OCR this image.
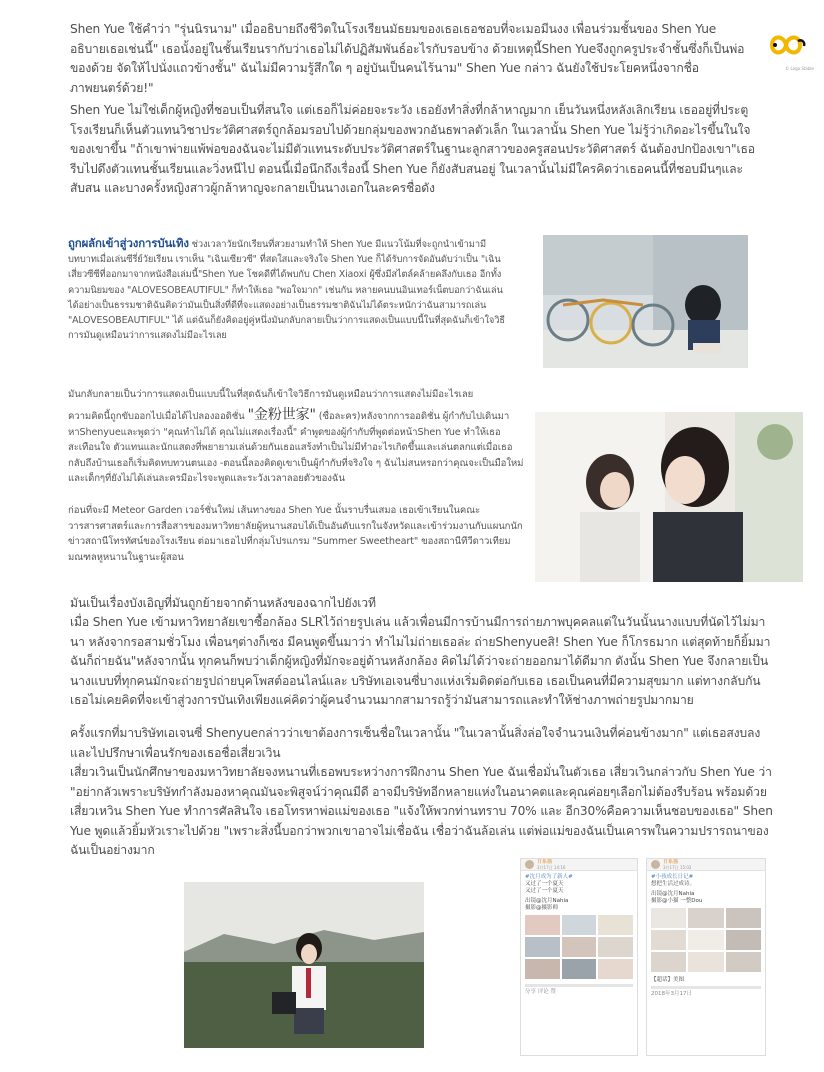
© Logo Stable

Shen Yue ใช้คำว่า "รุ่นนิรนาม" เมื่ออธิบายถึงชีวิตในโรงเรียนมัธยมของเธอเธอชอบที่จะเมอมีนงง เพื่อนร่วมชั้นของ Shen Yue อธิบายเธอเช่นนี้" เธอนั้งอยู่ในชั้นเรียนรากับว่าเธอไม่ได้ปฏิสัมพันธ์อะไรกับรอบข้าง ด้วยเหตุนี้Shen Yueจึงถูกครูประจำชั้นซึ่งก็เป็นพ่อของด้วย จัดให้ไปนั่งแถวข้างชั้น" ฉันไม่มีความรู้สึกใด ๆ อยู่บันเป็นคนไร้นาม" Shen Yue กล่าว ฉันยังใช้ประโยคหนึ่งจากชื่อภาพยนตร์ด้วย!"

Shen Yue ไม่ใช่เด็กผู้หญิงที่ชอบเป็นที่สนใจ แต่เธอก็ไม่ค่อยจะระวัง เธอยังทำสิ่งที่กล้าหาญมาก เย็นวันหนึ่งหลังเลิกเรียน เธออยู่ที่ประตูโรงเรียนก็เห็นตัวแทนวิชาประวัติศาสตร์ถูกล้อมรอบไปด้วยกลุ่มของพวกอันธพาลตัวเล็ก ในเวลานั้น Shen Yue ไม่รู้ว่าเกิดอะไรขึ้นในใจของเขาขึ้น "ถ้าเขาพ่ายแพ้พ่อของฉันจะไม่มีตัวแทนระดับประวัติศาสตร์ในฐานะลูกสาวของครูสอนประวัติศาสตร์ ฉันต้องปกป้องเขา"เธอรีบไปดึงตัวแทนชั้นเรียนและวิ่งหนีไป ตอนนี้เมื่อนึกถึงเรื่องนี้ Shen Yue ก็ยังสับสนอยู่ ในเวลานั้นไม่มีใครคิดว่าเธอคนนี้ที่ชอบมีนๆและสับสน และบางครั้งหญิงสาวผู้กล้าหาญจะกลายเป็นนางเอกในละครชื่อดัง

ถูกผลักเข้าสู่วงการบันเทิง ช่วงเวลาวัยนักเรียนที่สวยงามทำให้ Shen Yue มีแนวโน้มที่จะถูกนำเข้ามามีบทบาทเมื่อเล่นซีรี่ย์วัยเรียน เราเห็น "เฉินเซียวซี" ที่สดใสและจริงใจ Shen Yue ก็ได้รับการจัดอันดับว่าเป็น "เฉินเสี่ยวซีซีที่ออกมาจากหนังสือเล่มนี้"Shen Yue โชคดีที่ได้พบกับ Chen Xiaoxi ผู้ซึ่งมีสไตล์คล้ายคลึงกับเธอ อีกทั้งความนิยมของ "ALOVESOBEAUTIFUL" ก็ทำให้เธอ "พอใจมาก" เช่นกัน หลายคนบนอินเทอร์เน็ตบอกว่าฉันเล่นได้อย่างเป็นธรรมชาติฉันคิดว่ามันเป็นสิ่งที่ดีที่จะแสดงอย่างเป็นธรรมชาติฉันไม่ได้ตระหนักว่าฉันสามารถเล่น "ALOVESOBEAUTIFUL" ได้ แต่ฉันก็ยังคิดอยู่คู่หนึ่งมันกลับกลายเป็นว่าการแสดงเป็นแบบนี้ในที่สุดฉันก็เข้าใจวิธีการมันดูเหมือนว่าการแสดงไม่มีอะไรเลย

มันกลับกลายเป็นว่าการแสดงเป็นแบบนี้ในที่สุดฉันก็เข้าใจวิธีการมันดูเหมือนว่าการแสดงไม่มีอะไรเลย

ความคิดนี้ถูกขับออกไปเมื่อได้ไปลองออดิชั่น "金粉世家" (ซื่อละคร)หลังจากการออดิชั่น ผู้กำกับไปเดินมาหาShenyueและพูดว่า "คุณทำไม่ได้ คุณไม่แสดงเรื่องนี้" คำพูดของผู้กำกับที่พูดต่อหน้าShen Yue ทำให้เธอสะเทือนใจ ตัวแทนและนักแสดงที่พยายามเล่นด้วยกันเธอแสร้งทำเป็นไม่มีทำอะไรเกิดขึ้นและเล่นตลกแต่เมื่อเธอกลับถึงบ้านเธอก็เริ่มคิดทบทวนตนเอง -ตอนนี้ลองคิดดูเขาเป็นผู้กำกับที่จริงใจ ๆ ฉันไม่สนหรอกว่าคุณจะเป็นมือใหม่และเด็กๆที่ยังไม่ได้เล่นละครมีอะไรจะพูดและระวังเวลาลอยตัวของฉัน

ก่อนที่จะมี Meteor Garden เวอร์ชั่นใหม่ เส้นทางของ Shen Yue นั้นราบรื่นเสมอ เธอเข้าเรียนในคณะวารสารศาสตร์และการสื่อสารของมหาวิทยาลัยผู้หนานสอบได้เป็นอันดับแรกในจังหวัดและเข้าร่วมงานกับแผนกนักข่าวสถานีโทรทัศน์ของโรงเรียน ต่อมาเธอไปที่กลุ่มโปรแกรม "Summer Sweetheart" ของสถานีทีวีดาวเทียมมณฑลหูหนานในฐานะผู้สอน

มันเป็นเรื่องบังเอิญที่มันถูกย้ายจากด้านหลังของฉากไปยังเวที

เมื่อ Shen Yue เข้ามหาวิทยาลัยเขาซื้อกล้อง SLRไว้ถ่ายรูปเล่น แล้วเพื่อนมีการบ้านมีการถ่ายภาพบุคคลแต่ในวันนั้นนางแบบที่นัดไว้ไม่มานา หลังจากรอสามชั่วโมง เพื่อนๆต่างก็เซง มีคนพูดขึ้นมาว่า ทำไมไม่ถ่ายเธอล่ะ ถ่ายShenyueสิ! Shen Yue ก็โกรธมาก แต่สุดท้ายก็ยิ้มมาฉันก็ถ่ายฉัน"หลังจากนั้น ทุกคนก็พบว่าเด็กผู้หญิงที่มักจะอยู่ด้านหลังกล้อง คิดไม่ได้ว่าจะถ่ายออกมาได้ดีมาก ดังนั้น Shen Yue จึงกลายเป็นนางแบบที่ทุกคนมักจะถ่ายรูปถ่ายบุคโพสต์ออนไลน์และ บริษัทเอเจนซี่บางแห่งเริ่มติดต่อกับเธอ เธอเป็นคนที่มีความสุขมาก แต่ทางกลับกันเธอไม่เคยคิดที่จะเข้าสู่วงการบันเทิงเพียงแค่คิดว่าผู้คนจำนวนมากสามารถรู้ว่ามันสามารถและทำให้ช่างภาพถ่ายรูปมากมาย

ครั้งแรกที่มาบริษัทเอเจนซี่ Shenyueกล่าวว่าเขาต้องการเซ็นชื่อในเวลานั้น "ในเวลานั้นสิ่งล่อใจจำนวนเงินที่ค่อนข้างมาก" แต่เธอสงบลงและไปปรึกษาเพื่อนรักของเธอชื่อเสี่ยวเวิน

เสี่ยวเวินเป็นนักศึกษาของมหาวิทยาลัยจงหนานที่เธอพบระหว่างการฝึกงาน Shen Yue ฉันเชื่อมั่นในตัวเธอ เสี่ยวเวินกล่าวกับ Shen Yue ว่า "อย่ากลัวเพราะบริษัทกำลังมองหาคุณมันจะพิสูจน์ว่าคุณมีดี อาจมีบริษัทอีกหลายแห่งในอนาคตและคุณค่อยๆเลือกไม่ต้องรีบร้อน พร้อมด้วยเสี่ยวเหวิน Shen Yue ทำการศัลสินใจ เธอโทรหาพ่อแม่ของเธอ "แจ้งให้พวกท่านทราบ 70% และ อีก30%คือความเห็นชอบของเธอ" Shen Yue พูดแล้วยิ้มหัวเราะไปด้วย "เพราะสิ่งนี้บอกว่าพวกเขาอาจไม่เชื่อฉัน เชื่อว่าฉันล้อเล่น แต่พ่อแม่ของฉันเป็นเคารพในความปรารถนาของฉันเป็นอย่างมาก

日系猫
3月17日 14:16
#沈月成为了新人#
又过了一个夏天
又过了一个夏天
出镜@沈月Nahia
摄影@摄影师
分享 评论 赞
日系猫
3月17日 15:02
#小孩成长日记#
想把生活过成诗。
出镜@沈月Nahia
摄影@小猫 一整Dou
【超话】美图
2018年3月17日
